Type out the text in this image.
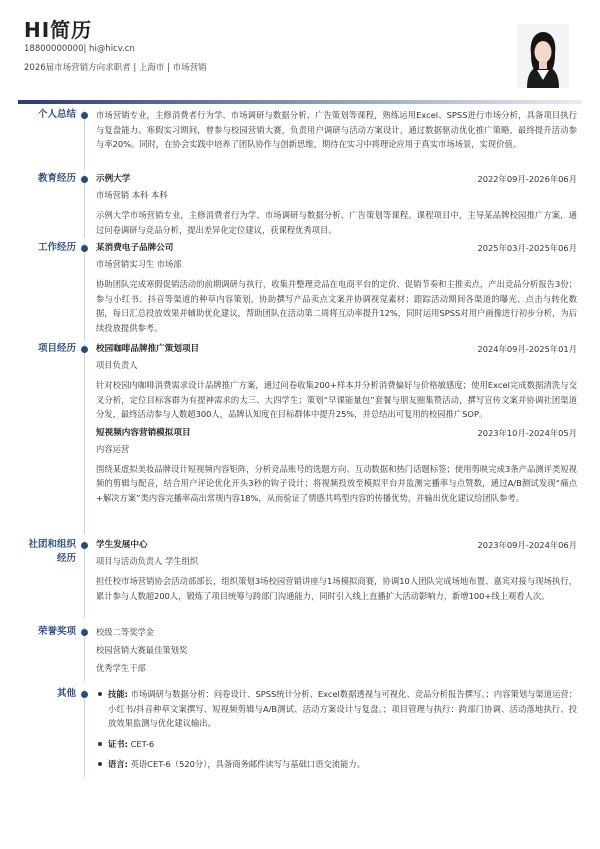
HI简历
18800000000| hi@hicv.cn
2026届市场营销方向求职者 | 上海市 | 市场营销
个人总结 市场营销专业，主修消费者行为学、市场调研与数据分析、广告策划等课程，熟练运用Excel、SPSS进行市场分析，具备项目执行与复盘能力。寒假实习期间，曾参与校园营销大赛，负责用户调研与活动方案设计，通过数据驱动优化推广策略，最终提升活动参与率20%。同时，在协会实践中培养了团队协作与创新思维，期待在实习中将理论应用于真实市场场景，实现价值。
教育经历 示例大学	2022年09月-2026年06月
市场营销 本科 本科
示例大学市场营销专业，主修消费者行为学、市场调研与数据分析、广告策划等课程。课程项目中，主导某品牌校园推广方案，通过问卷调研与竞品分析，提出差异化定位建议，获课程优秀项目。
工作经历 某消费电子品牌公司	2025年03月-2025年06月
市场营销实习生 市场部
协助团队完成寒假促销活动的前期调研与执行，收集并整理竞品在电商平台的定价、促销节奏和主推卖点，产出竞品分析报告3份；参与小红书、抖音等渠道的种草内容策划，协助撰写产品卖点文案并协调视觉素材；跟踪活动期间各渠道的曝光、点击与转化数据，每日汇总投放效果并辅助优化建议，帮助团队在活动第二周将互动率提升12%，同时运用SPSS对用户画像进行初步分析，为后续投放提供参考。
项目经历 校园咖啡品牌推广策划项目	2024年09月-2025年01月
项目负责人
针对校园内咖啡消费需求设计品牌推广方案，通过问卷收集200+样本并分析消费偏好与价格敏感度；使用Excel完成数据清洗与交叉分析，定位目标客群为有提神需求的大三、大四学生；策划“早课能量包”套餐与朋友圈集赞活动，撰写宣传文案并协调社团渠道分发，最终活动参与人数超300人，品牌认知度在目标群体中提升25%，并总结出可复用的校园推广SOP。
短视频内容营销模拟项目	2023年10月-2024年05月
内容运营
围绕某虚拟美妆品牌设计短视频内容矩阵，分析竞品账号的选题方向、互动数据和热门话题标签；使用剪映完成3条产品测评类短视频的剪辑与配音，结合用户评论优化开头3秒的钩子设计；将视频投放至模拟平台并监测完播率与点赞数，通过A/B测试发现“痛点+解决方案”类内容完播率高出常规内容18%，从而验证了情感共鸣型内容的传播优势，并输出优化建议给团队参考。
社团和组织
经历
学生发展中心	2023年09月-2024年06月
项目与活动负责人 学生组织
担任校市场营销协会活动部部长，组织策划3场校园营销讲座与1场模拟商赛，协调10人团队完成场地布置、嘉宾对接与现场执行，累计参与人数超200人，锻炼了项目统筹与跨部门沟通能力，同时引入线上直播扩大活动影响力，新增100+线上观看人次。
荣誉奖项 校级二等奖学金
校园营销大赛最佳策划奖
优秀学生干部
其他	技能: 市场调研与数据分析：问卷设计、SPSS统计分析、Excel数据透视与可视化、竞品分析报告撰写。；内容策划与渠道运营：小红书/抖音种草文案撰写、短视频剪辑与A/B测试、活动方案设计与复盘。；项目管理与执行：跨部门协调、活动落地执行、投放效果监测与优化建议输出。
证书: CET-6
语言: 英语CET-6（520分），具备商务邮件读写与基础口语交流能力。
